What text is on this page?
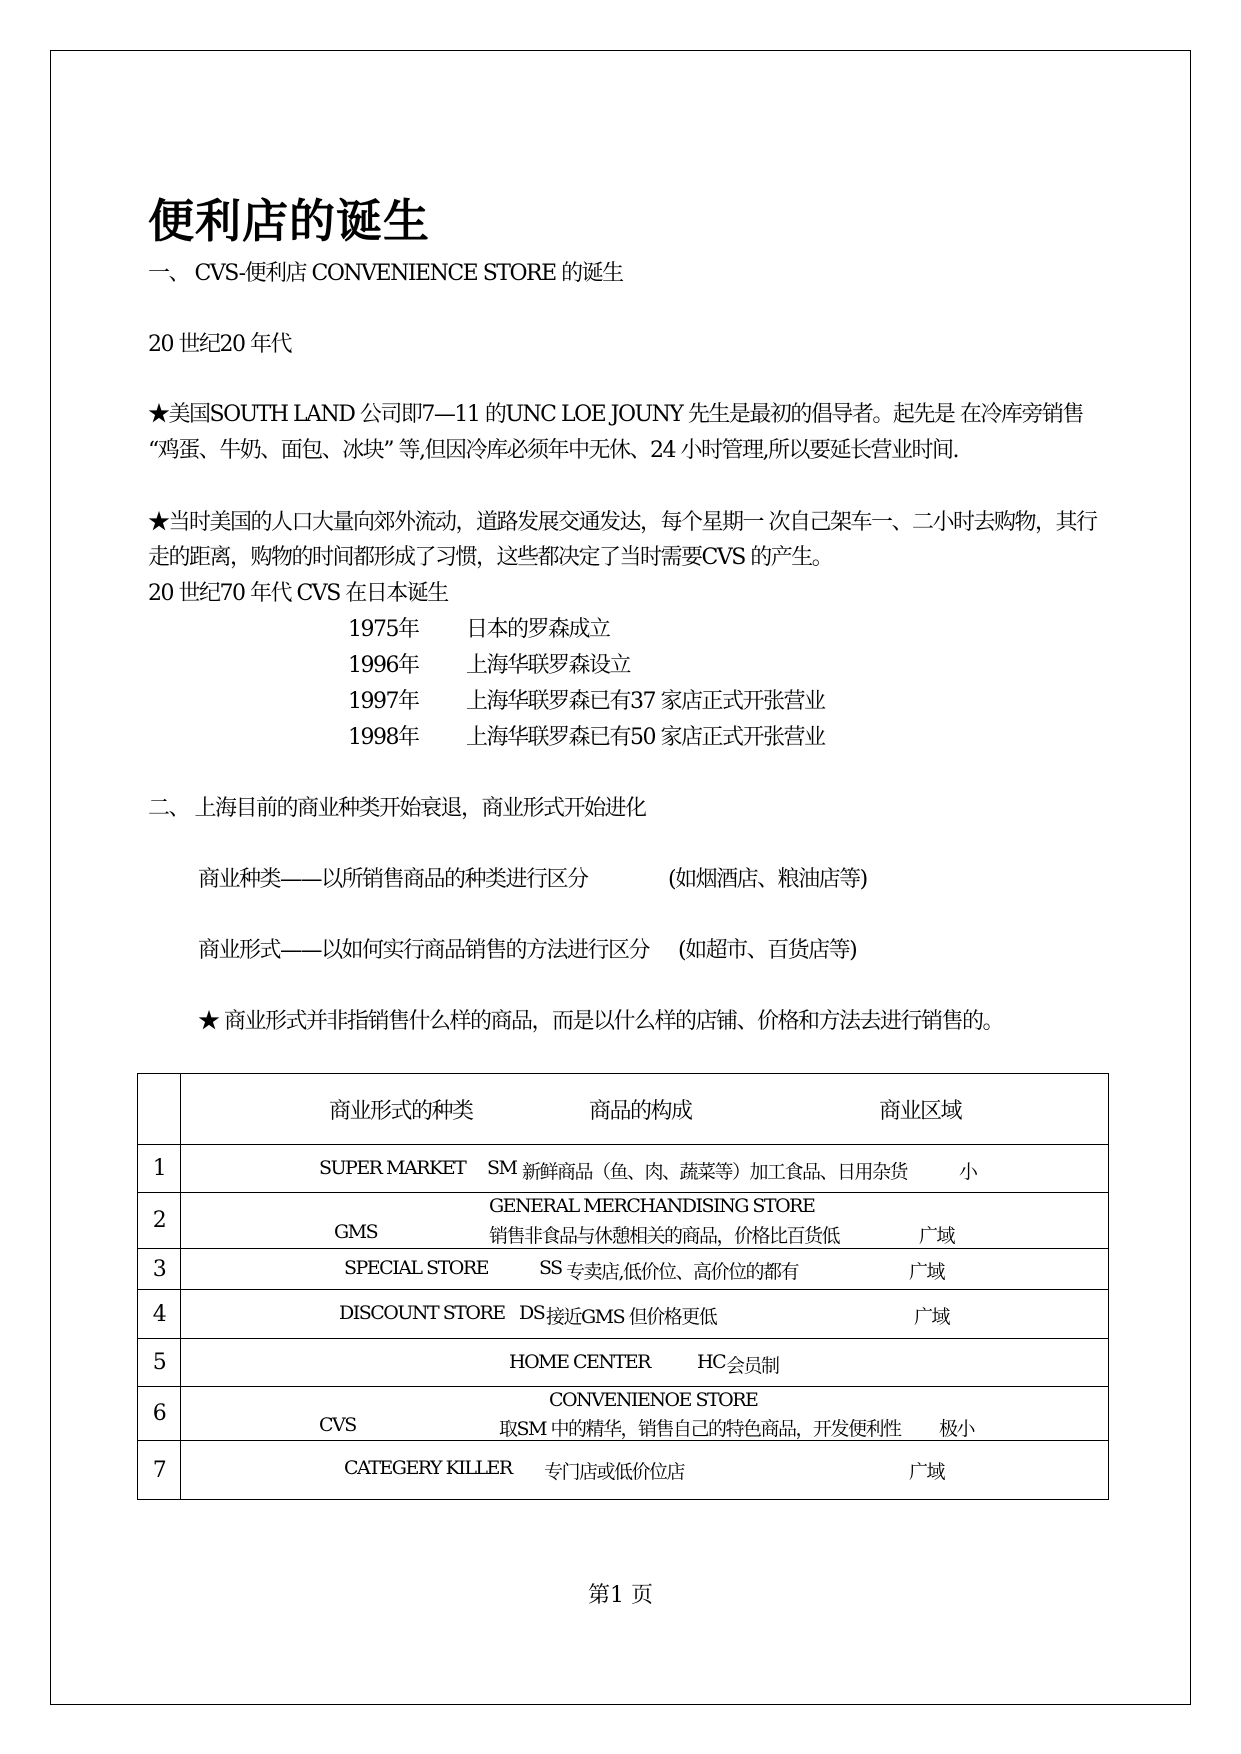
便利店的诞生
一、 CVS-便利店 CONVENIENCE STORE 的诞生
20 世纪20 年代
★美国SOUTH LAND 公司即7—11 的UNC LOE JOUNY 先生是最初的倡导者。起先是 在冷库旁销售
“鸡蛋、牛奶、面包、冰块” 等,但因冷库必须年中无休、24 小时管理,所以要延长营业时间.
★当时美国的人口大量向郊外流动，道路发展交通发达，每个星期一 次自己架车一、二小时去购物，其行
走的距离，购物的时间都形成了习惯，这些都决定了当时需要CVS 的产生。
20 世纪70 年代 CVS 在日本诞生
1975年 日本的罗森成立
1996年 上海华联罗森设立
1997年 上海华联罗森已有37 家店正式开张营业
1998年 上海华联罗森已有50 家店正式开张营业
二、 上海目前的商业种类开始衰退，商业形式开始进化
商业种类——以所销售商品的种类进行区分	(如烟酒店、粮油店等)
商业形式——以如何实行商品销售的方法进行区分 (如超市、百货店等)
★ 商业形式并非指销售什么样的商品，而是以什么样的店铺、价格和方法去进行销售的。

	商业形式的种类 商品的构成 商业区域

1	SUPER MARKET SM 新鲜商品（鱼、肉、蔬菜等）加工食品、日用杂货 小

2	GENERAL MERCHANDISING STORE
GMS 销售非食品与休憩相关的商品，价格比百货低 广域

3	SPECIAL STORE SS 专卖店,低价位、高价位的都有 广域

4	DISCOUNT STORE DS 接近GMS 但价格更低 广域

5	HOME CENTER HC 会员制

6	CONVENIENOE STORE
CVS 取SM 中的精华，销售自己的特色商品，开发便利性 极小

7	CATEGERY KILLER 专门店或低价位店 广域
第1 页
